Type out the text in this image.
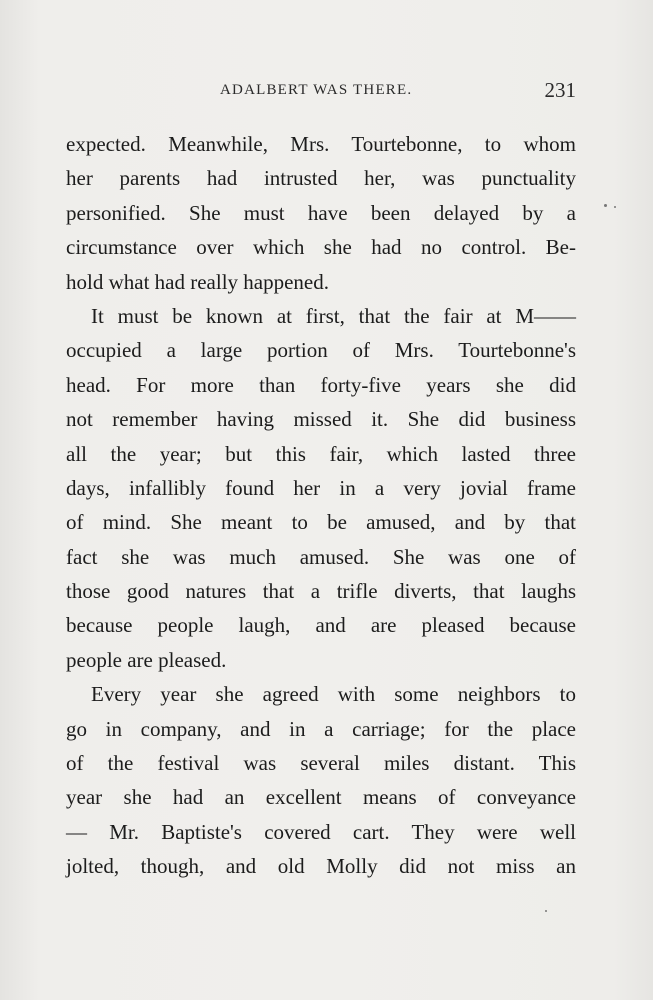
ADALBERT WAS THERE.	231
expected. Meanwhile, Mrs. Tourtebonne, to whom
her parents had intrusted her, was punctuality
personified. She must have been delayed by a
circumstance over which she had no control. Be-
hold what had really happened.
It must be known at first, that the fair at M——
occupied a large portion of Mrs. Tourtebonne's
head. For more than forty-five years she did
not remember having missed it. She did business
all the year; but this fair, which lasted three
days, infallibly found her in a very jovial frame
of mind. She meant to be amused, and by that
fact she was much amused. She was one of
those good natures that a trifle diverts, that laughs
because people laugh, and are pleased because
people are pleased.
Every year she agreed with some neighbors to
go in company, and in a carriage; for the place
of the festival was several miles distant. This
year she had an excellent means of conveyance
— Mr. Baptiste's covered cart. They were well
jolted, though, and old Molly did not miss an
